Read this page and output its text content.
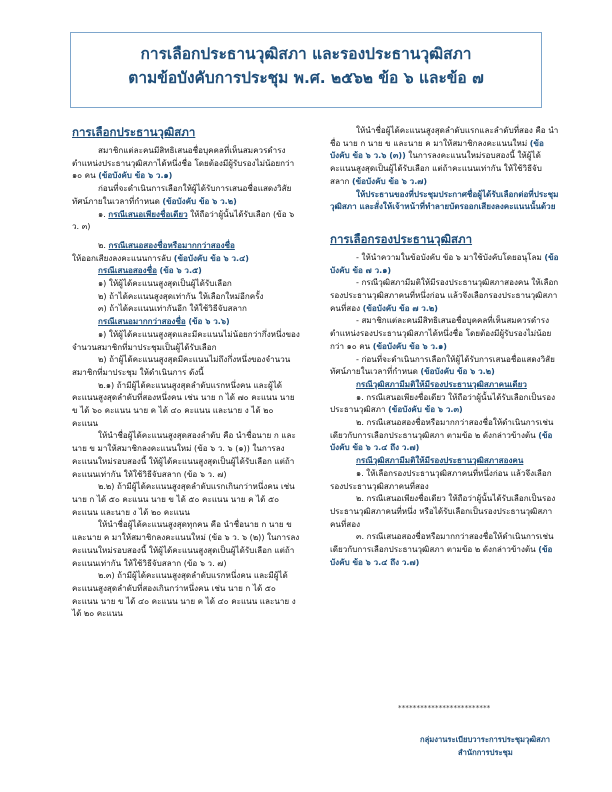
การเลือกประธานวุฒิสภา และรองประธานวุฒิสภา
ตามข้อบังคับการประชุม พ.ศ. ๒๕๖๒ ข้อ ๖ และข้อ ๗

การเลือกประธานวุฒิสภา

สมาชิกแต่ละคนมีสิทธิเสนอชื่อบุคคลที่เห็นสมควรดำรงตำแหน่งประธานวุฒิสภาได้หนึ่งชื่อ โดยต้องมีผู้รับรองไม่น้อยกว่า ๑๐ คน (ข้อบังคับ ข้อ ๖ ว.๑)

ก่อนที่จะดำเนินการเลือกให้ผู้ได้รับการเสนอชื่อแสดงวิสัยทัศน์ภายในเวลาที่กำหนด (ข้อบังคับ ข้อ ๖ ว.๒)

๑. กรณีเสนอเพียงชื่อเดียว ให้ถือว่าผู้นั้นได้รับเลือก (ข้อ ๖ ว. ๓)

๒. กรณีเสนอสองชื่อหรือมากกว่าสองชื่อ

ให้ออกเสียงลงคะแนนการลับ (ข้อบังคับ ข้อ ๖ ว.๔)

กรณีเสนอสองชื่อ (ข้อ ๖ ว.๕)

๑) ให้ผู้ได้คะแนนสูงสุดเป็นผู้ได้รับเลือก

๒) ถ้าได้คะแนนสูงสุดเท่ากัน ให้เลือกใหม่อีกครั้ง

๓) ถ้าได้คะแนนเท่ากันอีก ให้ใช้วิธีจับสลาก

กรณีเสนอมากกว่าสองชื่อ (ข้อ ๖ ว.๖)

๑) ให้ผู้ได้คะแนนสูงสุดและมีคะแนนไม่น้อยกว่ากึ่งหนึ่งของจำนวนสมาชิกที่มาประชุมเป็นผู้ได้รับเลือก

๒) ถ้าผู้ได้คะแนนสูงสุดมีคะแนนไม่ถึงกึ่งหนึ่งของจำนวนสมาชิกที่มาประชุม ให้ดำเนินการ ดังนี้

๒.๑) ถ้ามีผู้ได้คะแนนสูงสุดลำดับแรกหนึ่งคน และผู้ได้คะแนนสูงสุดลำดับที่สองหนึ่งคน เช่น นาย ก ได้ ๗๐ คะแนน นาย ข ได้ ๖๐ คะแนน นาย ค ได้ ๔๐ คะแนน และนาย ง ได้ ๒๐ คะแนน

ให้นำชื่อผู้ได้คะแนนสูงสุดสองลำดับ คือ นำชื่อนาย ก และนาย ข มาให้สมาชิกลงคะแนนใหม่ (ข้อ ๖ ว. ๖ (๑)) ในการลงคะแนนใหม่รอบสองนี้ ให้ผู้ได้คะแนนสูงสุดเป็นผู้ได้รับเลือก แต่ถ้าคะแนนเท่ากัน ให้ใช้วิธีจับสลาก (ข้อ ๖ ว. ๗)

๒.๒) ถ้ามีผู้ได้คะแนนสูงสุดลำดับแรกเกินกว่าหนึ่งคน เช่น นาย ก ได้ ๕๐ คะแนน นาย ข ได้ ๕๐ คะแนน นาย ค ได้ ๕๐ คะแนน และนาย ง ได้ ๒๐ คะแนน

ให้นำชื่อผู้ได้คะแนนสูงสุดทุกคน คือ นำชื่อนาย ก นาย ข และนาย ค มาให้สมาชิกลงคะแนนใหม่ (ข้อ ๖ ว. ๖ (๒)) ในการลงคะแนนใหม่รอบสองนี้ ให้ผู้ได้คะแนนสูงสุดเป็นผู้ได้รับเลือก แต่ถ้าคะแนนเท่ากัน ให้ใช้วิธีจับสลาก (ข้อ ๖ ว. ๗)

๒.๓) ถ้ามีผู้ได้คะแนนสูงสุดลำดับแรกหนึ่งคน และมีผู้ได้คะแนนสูงสุดลำดับที่สองเกินกว่าหนึ่งคน เช่น นาย ก ได้ ๕๐ คะแนน นาย ข ได้ ๔๐ คะแนน นาย ค ได้ ๔๐ คะแนน และนาย ง ได้ ๒๐ คะแนน

ให้นำชื่อผู้ได้คะแนนสูงสุดลำดับแรกและลำดับที่สอง คือ นำชื่อ นาย ก นาย ข และนาย ค มาให้สมาชิกลงคะแนนใหม่ (ข้อบังคับ ข้อ ๖ ว.๖ (๓)) ในการลงคะแนนใหม่รอบสองนี้ ให้ผู้ได้คะแนนสูงสุดเป็นผู้ได้รับเลือก แต่ถ้าคะแนนเท่ากัน ให้ใช้วิธีจับสลาก (ข้อบังคับ ข้อ ๖ ว.๗)

ให้ประธานของที่ประชุมประกาศชื่อผู้ได้รับเลือกต่อที่ประชุมวุฒิสภา และสั่งให้เจ้าหน้าที่ทำลายบัตรออกเสียงลงคะแนนนั้นด้วย

การเลือกรองประธานวุฒิสภา

- ให้นำความในข้อบังคับ ข้อ ๖ มาใช้บังคับโดยอนุโลม (ข้อบังคับ ข้อ ๗ ว.๑)

- กรณีวุฒิสภามีมติให้มีรองประธานวุฒิสภาสองคน ให้เลือกรองประธานวุฒิสภาคนที่หนึ่งก่อน แล้วจึงเลือกรองประธานวุฒิสภาคนที่สอง (ข้อบังคับ ข้อ ๗ ว.๒)

- สมาชิกแต่ละคนมีสิทธิเสนอชื่อบุคคลที่เห็นสมควรดำรงตำแหน่งรองประธานวุฒิสภาได้หนึ่งชื่อ โดยต้องมีผู้รับรองไม่น้อยกว่า ๑๐ คน (ข้อบังคับ ข้อ ๖ ว.๑)

- ก่อนที่จะดำเนินการเลือกให้ผู้ได้รับการเสนอชื่อแสดงวิสัยทัศน์ภายในเวลาที่กำหนด (ข้อบังคับ ข้อ ๖ ว.๒)

กรณีวุฒิสภามีมติให้มีรองประธานวุฒิสภาคนเดียว

๑. กรณีเสนอเพียงชื่อเดียว ให้ถือว่าผู้นั้นได้รับเลือกเป็นรองประธานวุฒิสภา (ข้อบังคับ ข้อ ๖ ว.๓)

๒. กรณีเสนอสองชื่อหรือมากกว่าสองชื่อให้ดำเนินการเช่นเดียวกับการเลือกประธานวุฒิสภา ตามข้อ ๒ ดังกล่าวข้างต้น (ข้อบังคับ ข้อ ๖ ว.๔ ถึง ว.๗)

กรณีวุฒิสภามีมติให้มีรองประธานวุฒิสภาสองคน

๑. ให้เลือกรองประธานวุฒิสภาคนที่หนึ่งก่อน แล้วจึงเลือกรองประธานวุฒิสภาคนที่สอง

๒. กรณีเสนอเพียงชื่อเดียว ให้ถือว่าผู้นั้นได้รับเลือกเป็นรองประธานวุฒิสภาคนที่หนึ่ง หรือได้รับเลือกเป็นรองประธานวุฒิสภาคนที่สอง

๓. กรณีเสนอสองชื่อหรือมากกว่าสองชื่อให้ดำเนินการเช่นเดียวกับการเลือกประธานวุฒิสภา ตามข้อ ๒ ดังกล่าวข้างต้น (ข้อบังคับ ข้อ ๖ ว.๔ ถึง ว.๗)

*************************
กลุ่มงานระเบียบวาระการประชุมวุฒิสภา
สำนักการประชุม
